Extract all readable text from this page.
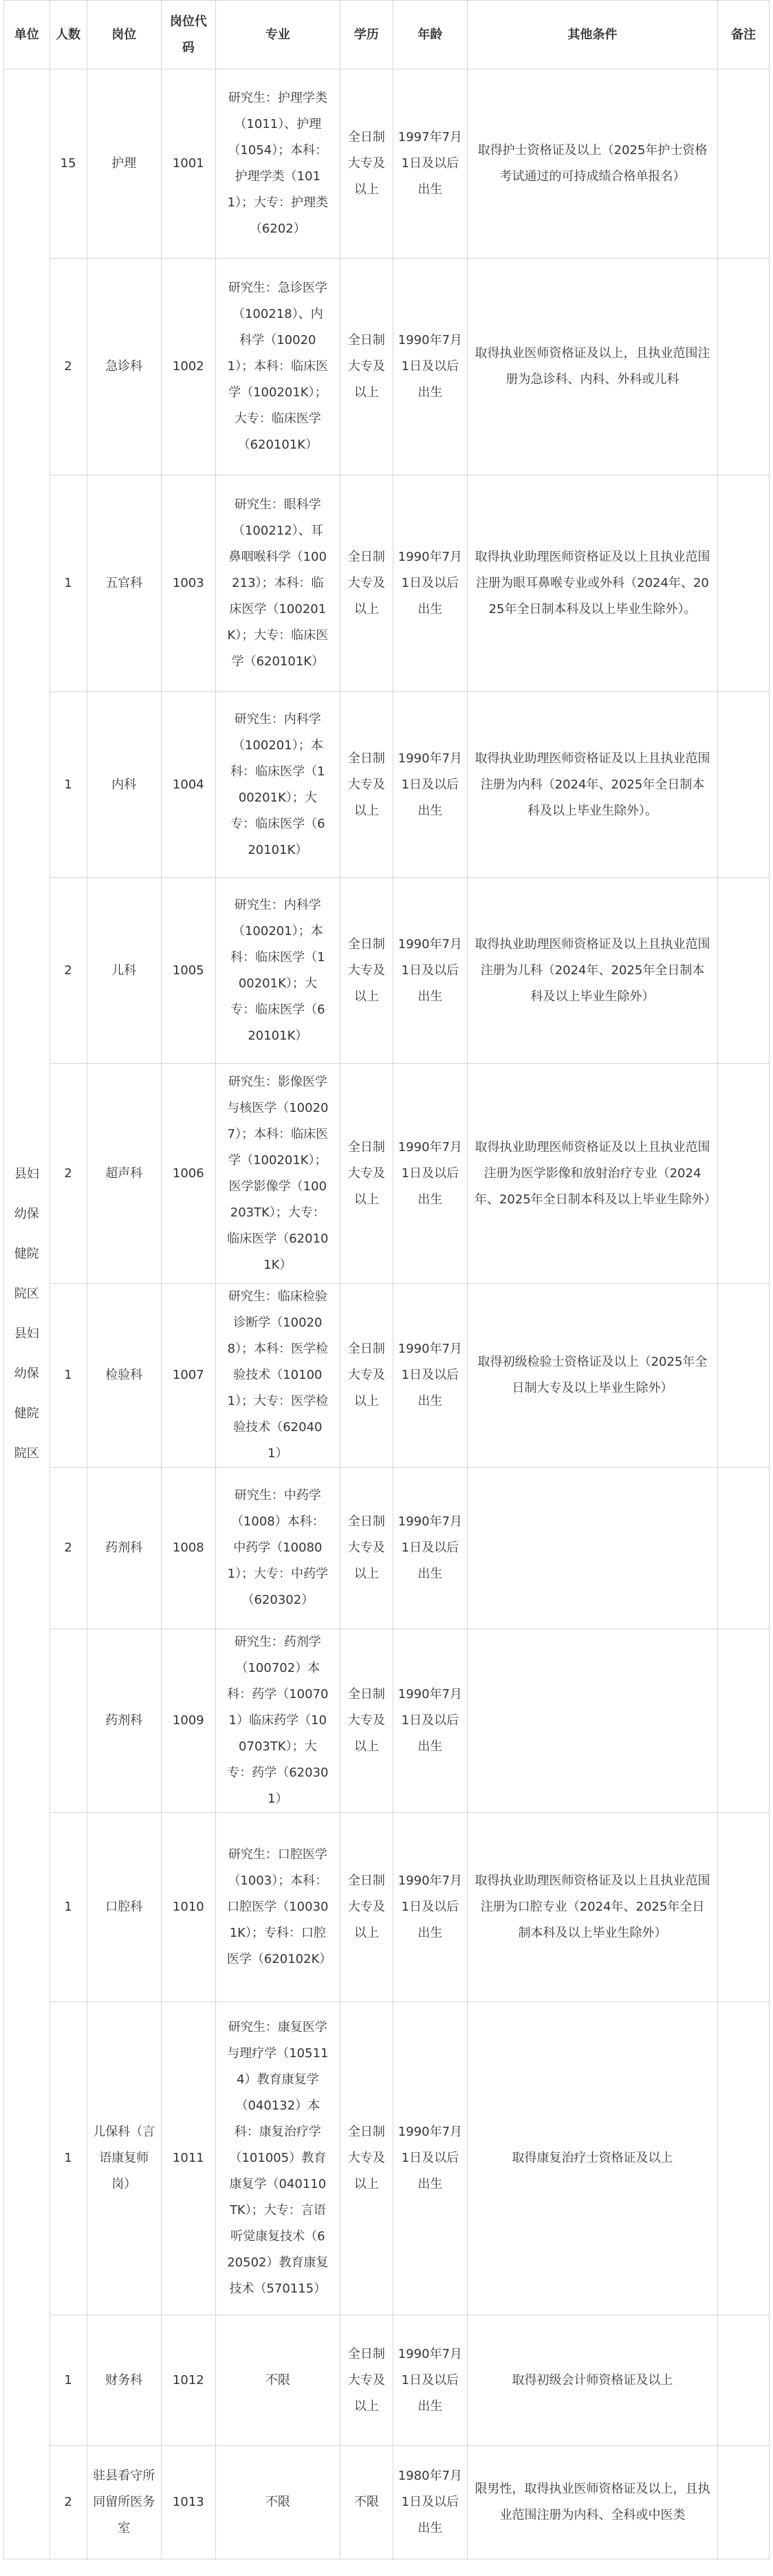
单位	人数	岗位	岗位代码	专业	学历	年龄	其他条件	备注
县妇幼保健院院区县妇幼保健院院区	15	护理	1001	研究生：护理学类（1011）、护理（1054）；本科：护理学类（1011）；大专：护理类（6202）	全日制大专及以上	1997年7月1日及以后出生	取得护士资格证及以上（2025年护士资格考试通过的可持成绩合格单报名）	
	2	急诊科	1002	研究生：急诊医学（100218）、内科学（100201）；本科：临床医学（100201K）；大专：临床医学（620101K）	全日制大专及以上	1990年7月1日及以后出生	取得执业医师资格证及以上，且执业范围注册为急诊科、内科、外科或儿科	
	1	五官科	1003	研究生：眼科学（100212）、耳鼻咽喉科学（100213）；本科：临床医学（100201K）；大专：临床医学（620101K）	全日制大专及以上	1990年7月1日及以后出生	取得执业助理医师资格证及以上且执业范围注册为眼耳鼻喉专业或外科（2024年、2025年全日制本科及以上毕业生除外）。	
	1	内科	1004	研究生：内科学（100201）；本科：临床医学（100201K）；大专：临床医学（620101K）	全日制大专及以上	1990年7月1日及以后出生	取得执业助理医师资格证及以上且执业范围注册为内科（2024年、2025年全日制本科及以上毕业生除外）。	
	2	儿科	1005	研究生：内科学（100201）；本科：临床医学（100201K）；大专：临床医学（620101K）	全日制大专及以上	1990年7月1日及以后出生	取得执业助理医师资格证及以上且执业范围注册为儿科（2024年、2025年全日制本科及以上毕业生除外）	
	2	超声科	1006	研究生：影像医学与核医学（100207）；本科：临床医学（100201K）；医学影像学（100203TK）；大专：临床医学（620101K）	全日制大专及以上	1990年7月1日及以后出生	取得执业助理医师资格证及以上且执业范围注册为医学影像和放射治疗专业（2024年、2025年全日制本科及以上毕业生除外）	
	1	检验科	1007	研究生：临床检验诊断学（100208）；本科：医学检验技术（101001）；大专：医学检验技术（620401）	全日制大专及以上	1990年7月1日及以后出生	取得初级检验士资格证及以上（2025年全日制大专及以上毕业生除外）	
	2	药剂科	1008	研究生：中药学（1008）本科：中药学（100801）；大专：中药学（620302）	全日制大专及以上	1990年7月1日及以后出生		
		药剂科	1009	研究生：药剂学（100702）本科：药学（100701）临床药学（100703TK）；大专：药学（620301）	全日制大专及以上	1990年7月1日及以后出生		
	1	口腔科	1010	研究生：口腔医学（1003）；本科：口腔医学（100301K）；专科：口腔医学（620102K）	全日制大专及以上	1990年7月1日及以后出生	取得执业助理医师资格证及以上且执业范围注册为口腔专业（2024年、2025年全日制本科及以上毕业生除外）	
	1	儿保科（言语康复师岗）	1011	研究生：康复医学与理疗学（105114）教育康复学（040132）本科：康复治疗学（101005）教育康复学（040110TK）；大专：言语听觉康复技术（620502）教育康复技术（570115）	全日制大专及以上	1990年7月1日及以后出生	取得康复治疗士资格证及以上	
	1	财务科	1012	不限	全日制大专及以上	1990年7月1日及以后出生	取得初级会计师资格证及以上	
	2	驻县看守所同留所医务室	1013	不限	不限	1980年7月1日及以后出生	限男性，取得执业医师资格证及以上，且执业范围注册为内科、全科或中医类	
